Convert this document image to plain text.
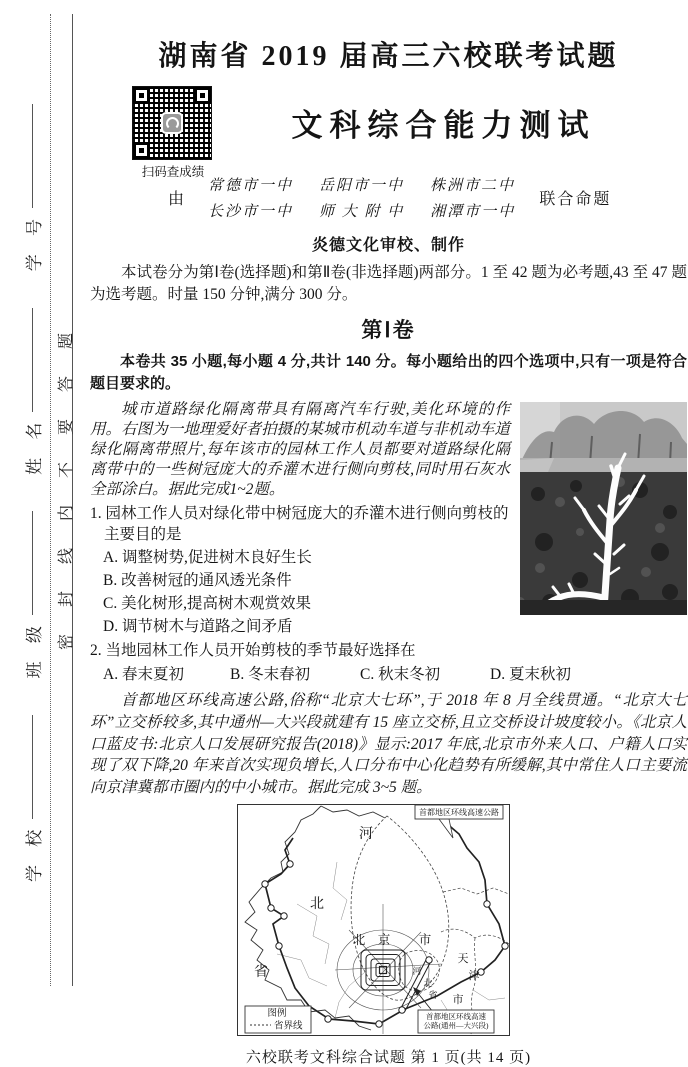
学 校
班 级
姓 名
学 号
密封线内不要答题
湖南省 2019 届高三六校联考试题
扫码查成绩
文科综合能力测试
由
常德市一中 岳阳市一中 株洲市二中
长沙市一中 师 大 附 中 湘潭市一中
联合命题
炎德文化审校、制作
本试卷分为第Ⅰ卷(选择题)和第Ⅱ卷(非选择题)两部分。1 至 42 题为必考题,43 至 47 题为选考题。时量 150 分钟,满分 300 分。
第Ⅰ卷
本卷共 35 小题,每小题 4 分,共计 140 分。每小题给出的四个选项中,只有一项是符合题目要求的。
城市道路绿化隔离带具有隔离汽车行驶,美化环境的作用。右图为一地理爱好者拍摄的某城市机动车道与非机动车道绿化隔离带照片,每年该市的园林工作人员都要对道路绿化隔离带中的一些树冠庞大的乔灌木进行侧向剪枝,同时用石灰水全部涂白。据此完成1~2题。
1. 园林工作人员对绿化带中树冠庞大的乔灌木进行侧向剪枝的主要目的是
A. 调整树势,促进树木良好生长
B. 改善树冠的通风透光条件
C. 美化树形,提高树木观赏效果
D. 调节树木与道路之间矛盾
2. 当地园林工作人员开始剪枝的季节最好选择在
A. 春末夏初	B. 冬末春初	C. 秋末冬初	D. 夏末秋初
首都地区环线高速公路,俗称“北京大七环”,于 2018 年 8 月全线贯通。“北京大七环”立交桥较多,其中通州—大兴段就建有 15 座立交桥,且立交桥设计坡度较小。《北京人口蓝皮书:北京人口发展研究报告(2018)》显示:2017 年底,北京市外来人口、户籍人口实现了双下降,20 年来首次实现负增长,人口分布中心化趋势有所缓解,其中常住人口主要流向京津冀都市圈内的中小城市。据此完成 3~5 题。
首都地区环线高速公路
首都地区环线高速
公路(通州—大兴段)
图例
省界线
河
北
省
北 京 市
河
北
省
天
津
市
六校联考文科综合试题 第 1 页(共 14 页)
